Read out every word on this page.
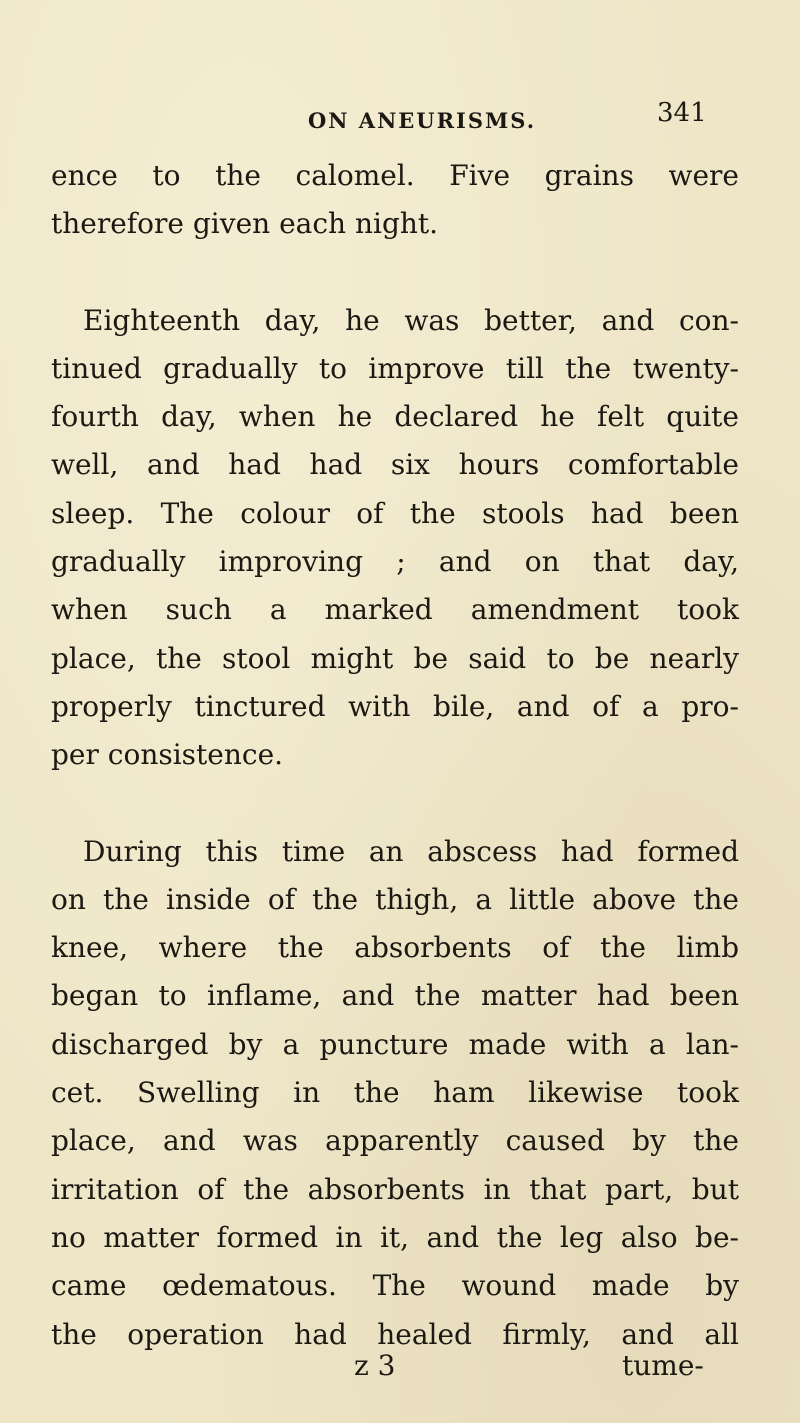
ON ANEURISMS.	341

ence to the calomel. Five grains were
therefore given each night.

Eighteenth day, he was better, and con-
tinued gradually to improve till the twenty-
fourth day, when he declared he felt quite
well, and had had six hours comfortable
sleep. The colour of the stools had been
gradually improving ; and on that day,
when such a marked amendment took
place, the stool might be said to be nearly
properly tinctured with bile, and of a pro-
per consistence.

During this time an abscess had formed
on the inside of the thigh, a little above the
knee, where the absorbents of the limb
began to inflame, and the matter had been
discharged by a puncture made with a lan-
cet. Swelling in the ham likewise took
place, and was apparently caused by the
irritation of the absorbents in that part, but
no matter formed in it, and the leg also be-
came œdematous. The wound made by
the operation had healed firmly, and all

z 3	tume-
